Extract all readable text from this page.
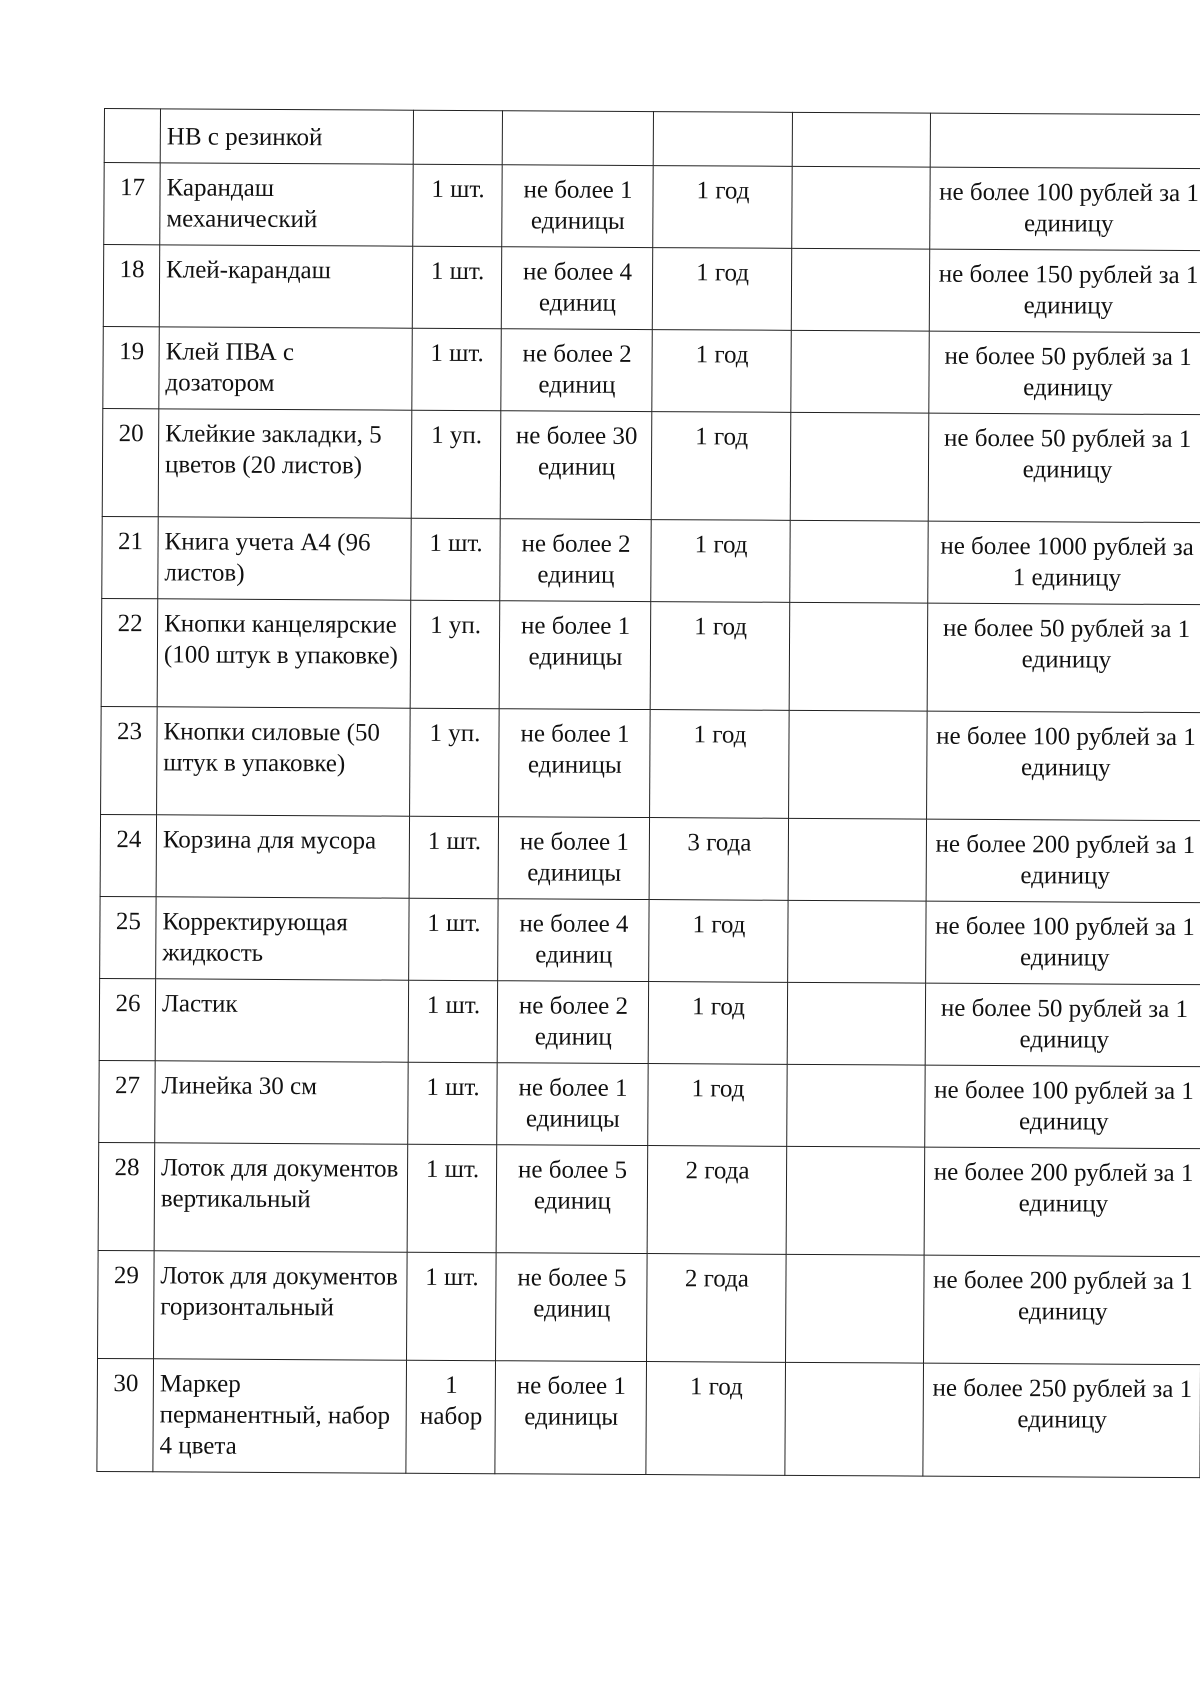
	HB с резинкой					
17	Карандаш механический	1 шт.	не более 1 единицы	1 год		не более 100 рублей за 1 единицу
18	Клей-карандаш	1 шт.	не более 4 единиц	1 год		не более 150 рублей за 1 единицу
19	Клей ПВА с дозатором	1 шт.	не более 2 единиц	1 год		не более 50 рублей за 1 единицу
20	Клейкие закладки, 5 цветов (20 листов)	1 уп.	не более 30 единиц	1 год		не более 50 рублей за 1 единицу
21	Книга учета А4 (96 листов)	1 шт.	не более 2 единиц	1 год		не более 1000 рублей за 1 единицу
22	Кнопки канцелярские (100 штук в упаковке)	1 уп.	не более 1 единицы	1 год		не более 50 рублей за 1 единицу
23	Кнопки силовые (50 штук в упаковке)	1 уп.	не более 1 единицы	1 год		не более 100 рублей за 1 единицу
24	Корзина для мусора	1 шт.	не более 1 единицы	3 года		не более 200 рублей за 1 единицу
25	Корректирующая жидкость	1 шт.	не более 4 единиц	1 год		не более 100 рублей за 1 единицу
26	Ластик	1 шт.	не более 2 единиц	1 год		не более 50 рублей за 1 единицу
27	Линейка 30 см	1 шт.	не более 1 единицы	1 год		не более 100 рублей за 1 единицу
28	Лоток для документов вертикальный	1 шт.	не более 5 единиц	2 года		не более 200 рублей за 1 единицу
29	Лоток для документов горизонтальный	1 шт.	не более 5 единиц	2 года		не более 200 рублей за 1 единицу
30	Маркер перманентный, набор 4 цвета	1 набор	не более 1 единицы	1 год		не более 250 рублей за 1 единицу
